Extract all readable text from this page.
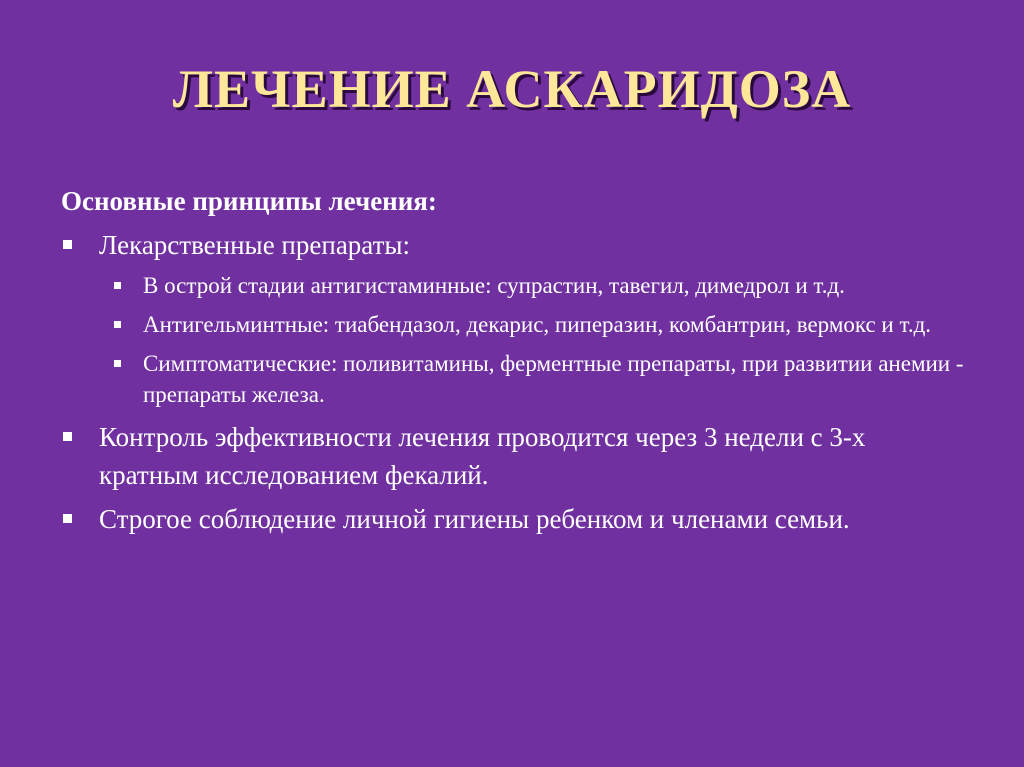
ЛЕЧЕНИЕ АСКАРИДОЗА
Основные принципы лечения:
Лекарственные препараты:
В острой стадии антигистаминные: супрастин, тавегил, димедрол и т.д.
Антигельминтные: тиабендазол, декарис, пиперазин, комбантрин, вермокс и т.д.
Симптоматические: поливитамины, ферментные препараты, при развитии анемии - препараты железа.
Контроль эффективности лечения проводится через 3 недели с 3-х кратным исследованием фекалий.
Строгое соблюдение личной гигиены ребенком и членами семьи.
